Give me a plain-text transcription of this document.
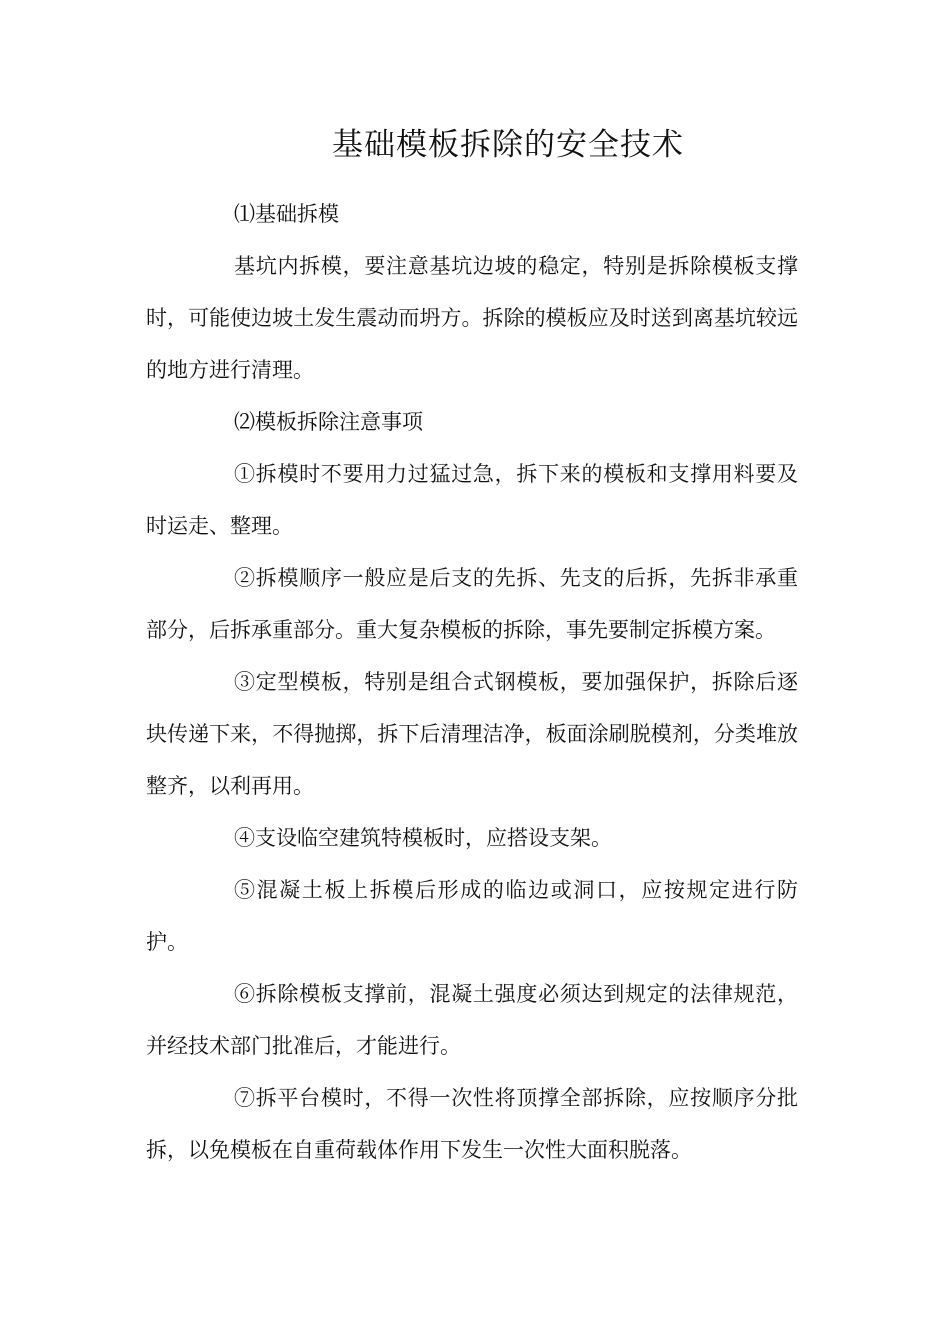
基础模板拆除的安全技术

⑴基础拆模

基坑内拆模，要注意基坑边坡的稳定，特别是拆除模板支撑时，可能使边坡土发生震动而坍方。拆除的模板应及时送到离基坑较远的地方进行清理。

⑵模板拆除注意事项

①拆模时不要用力过猛过急，拆下来的模板和支撑用料要及时运走、整理。

②拆模顺序一般应是后支的先拆、先支的后拆，先拆非承重部分，后拆承重部分。重大复杂模板的拆除，事先要制定拆模方案。

③定型模板，特别是组合式钢模板，要加强保护，拆除后逐块传递下来，不得抛掷，拆下后清理洁净，板面涂刷脱模剂，分类堆放整齐，以利再用。

④支设临空建筑特模板时，应搭设支架。

⑤混凝土板上拆模后形成的临边或洞口，应按规定进行防护。

⑥拆除模板支撑前，混凝土强度必须达到规定的法律规范，并经技术部门批准后，才能进行。

⑦拆平台模时，不得一次性将顶撑全部拆除，应按顺序分批拆，以免模板在自重荷载体作用下发生一次性大面积脱落。
